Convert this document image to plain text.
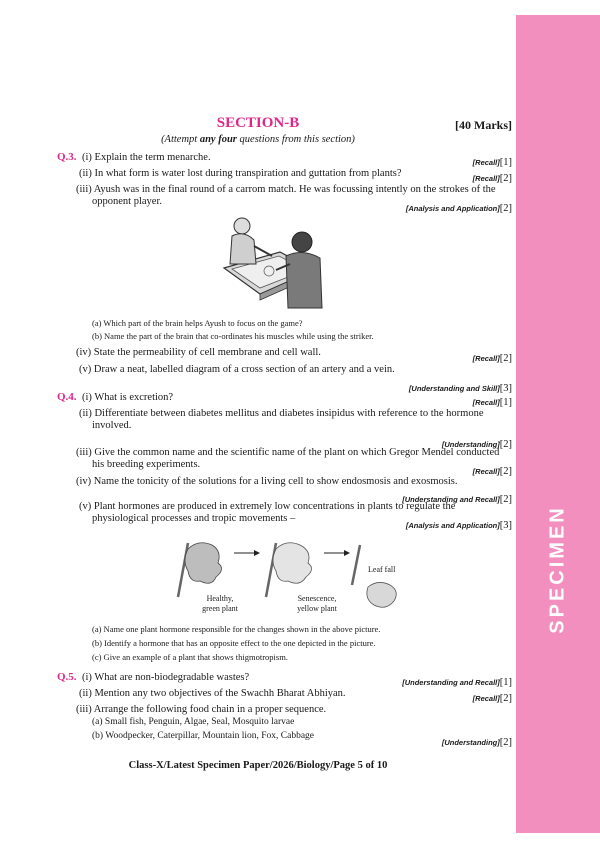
SPECIMEN
SECTION-B	[40 Marks]
(Attempt any four questions from this section)
Q.3. (i) Explain the term menarche.	[Recall][1]
(ii) In what form is water lost during transpiration and guttation from plants?	[Recall][2]
(iii) Ayush was in the final round of a carrom match. He was focussing intently on the strokes of the
opponent player.
[Analysis and Application][2]
(a) Which part of the brain helps Ayush to focus on the game?
(b) Name the part of the brain that co-ordinates his muscles while using the striker.
(iv) State the permeability of cell membrane and cell wall.
[Recall][2]
(v) Draw a neat, labelled diagram of a cross section of an artery and a vein.
[Understanding and Skill][3]
Q.4. (i) What is excretion?	[Recall][1]
(ii) Differentiate between diabetes mellitus and diabetes insipidus with reference to the hormone
involved.
[Understanding][2]
(iii) Give the common name and the scientific name of the plant on which Gregor Mendel conducted
his breeding experiments.
[Recall][2]
(iv) Name the tonicity of the solutions for a living cell to show endosmosis and exosmosis.
[Understanding and Recall][2]
(v) Plant hormones are produced in extremely low concentrations in plants to regulate the
physiological processes and tropic movements –
[Analysis and Application][3]
Leaf fall
Healthy,
green plant
Senescence,
yellow plant
(a) Name one plant hormone responsible for the changes shown in the above picture.
(b) Identify a hormone that has an opposite effect to the one depicted in the picture.
(c) Give an example of a plant that shows thigmotropism.
Q.5. (i) What are non-biodegradable wastes?	[Understanding and Recall][1]
(ii) Mention any two objectives of the Swachh Bharat Abhiyan.	[Recall][2]
(iii) Arrange the following food chain in a proper sequence.
(a) Small fish, Penguin, Algae, Seal, Mosquito larvae
(b) Woodpecker, Caterpillar, Mountain lion, Fox, Cabbage
[Understanding][2]
Class-X/Latest Specimen Paper/2026/Biology/Page 5 of 10
